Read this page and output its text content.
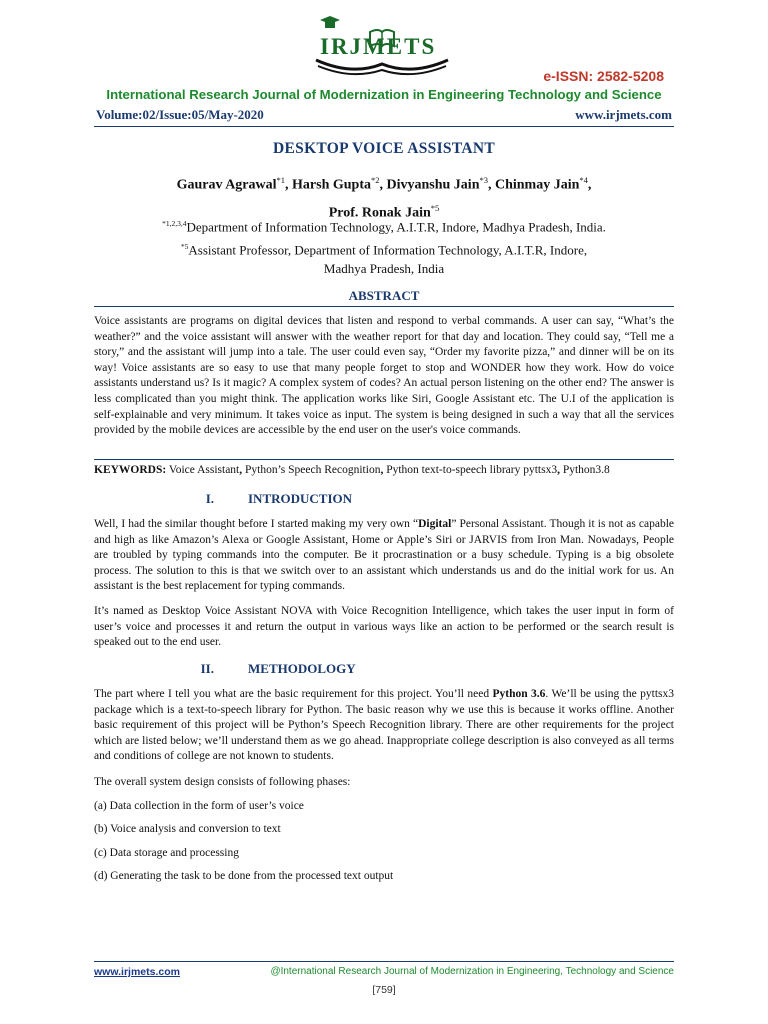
IRJMETS
e-ISSN: 2582-5208
International Research Journal of Modernization in Engineering Technology and Science
Volume:02/Issue:05/May-2020	www.irjmets.com
DESKTOP VOICE ASSISTANT
Gaurav Agrawal$^{*1}$, Harsh Gupta$^{*2}$, Divyanshu Jain$^{*3}$, Chinmay Jain$^{*4}$,
Prof. Ronak Jain$^{*5}$
$^{*1,2,3,4}$Department of Information Technology, A.I.T.R, Indore, Madhya Pradesh, India.
$^{*5}$Assistant Professor, Department of Information Technology, A.I.T.R, Indore,
Madhya Pradesh, India
ABSTRACT
Voice assistants are programs on digital devices that listen and respond to verbal commands. A user can say, “What’s the weather?” and the voice assistant will answer with the weather report for that day and location. They could say, “Tell me a story,” and the assistant will jump into a tale. The user could even say, “Order my favorite pizza,” and dinner will be on its way! Voice assistants are so easy to use that many people forget to stop and WONDER how they work. How do voice assistants understand us? Is it magic? A complex system of codes? An actual person listening on the other end? The answer is less complicated than you might think. The application works like Siri, Google Assistant etc. The U.I of the application is self-explainable and very minimum. It takes voice as input. The system is being designed in such a way that all the services provided by the mobile devices are accessible by the end user on the user's voice commands.
KEYWORDS: Voice Assistant, Python’s Speech Recognition, Python text-to-speech library pyttsx3, Python3.8
I.	INTRODUCTION
Well, I had the similar thought before I started making my very own “Digital” Personal Assistant. Though it is not as capable and high as like Amazon’s Alexa or Google Assistant, Home or Apple’s Siri or JARVIS from Iron Man. Nowadays, People are troubled by typing commands into the computer. Be it procrastination or a busy schedule. Typing is a big obsolete process. The solution to this is that we switch over to an assistant which understands us and do the initial work for us. An assistant is the best replacement for typing commands.
It’s named as Desktop Voice Assistant NOVA with Voice Recognition Intelligence, which takes the user input in form of user’s voice and processes it and return the output in various ways like an action to be performed or the search result is speaked out to the end user.
II.	METHODOLOGY
The part where I tell you what are the basic requirement for this project. You’ll need Python 3.6. We’ll be using the pyttsx3 package which is a text-to-speech library for Python. The basic reason why we use this is because it works offline. Another basic requirement of this project will be Python’s Speech Recognition library. There are other requirements for the project which are listed below; we’ll understand them as we go ahead. Inappropriate college description is also conveyed as all terms and conditions of college are not known to students.
The overall system design consists of following phases:
(a) Data collection in the form of user’s voice
(b) Voice analysis and conversion to text
(c) Data storage and processing
(d) Generating the task to be done from the processed text output
www.irjmets.com	@International Research Journal of Modernization in Engineering, Technology and Science
[759]
